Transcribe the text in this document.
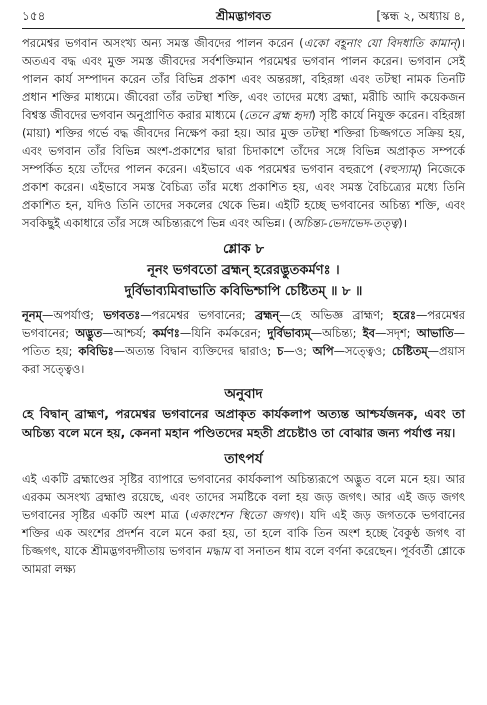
১৫৪	শ্রীমদ্ভাগবত	[স্কন্ধ ২, অধ্যায় ৪,

পরমেশ্বর ভগবান অসংখ্য অন্য সমস্ত জীবদের পালন করেন (একো বহূনাং যো বিদধাতি কামান্)। অতএব বদ্ধ এবং মুক্ত সমস্ত জীবদের সর্বশক্তিমান পরমেশ্বর ভগবান পালন করেন। ভগবান সেই পালন কার্য সম্পাদন করেন তাঁর বিভিন্ন প্রকাশ এবং অন্তরঙ্গা, বহিরঙ্গা এবং তটস্থা নামক তিনটি প্রধান শক্তির মাধ্যমে। জীবেরা তাঁর তটস্থা শক্তি, এবং তাদের মধ্যে ব্রহ্মা, মরীচি আদি কয়েকজন বিশ্বস্ত জীবদের ভগবান অনুপ্রাণিত করার মাধ্যমে (তেনে ব্রহ্ম হৃদা) সৃষ্টি কার্যে নিযুক্ত করেন। বহিরঙ্গা (মায়া) শক্তির গর্ভে বদ্ধ জীবদের নিক্ষেপ করা হয়। আর মুক্ত তটস্থা শক্তিরা চিজ্জগতে সক্রিয় হয়, এবং ভগবান তাঁর বিভিন্ন অংশ-প্রকাশের দ্বারা চিদাকাশে তাঁদের সঙ্গে বিভিন্ন অপ্রাকৃত সম্পর্কে সম্পর্কিত হয়ে তাঁদের পালন করেন। এইভাবে এক পরমেশ্বর ভগবান বহুরূপে (বহুস্যাম্) নিজেকে প্রকাশ করেন। এইভাবে সমস্ত বৈচিত্র্য তাঁর মধ্যে প্রকাশিত হয়, এবং সমস্ত বৈচিত্র্যের মধ্যে তিনি প্রকাশিত হন, যদিও তিনি তাদের সকলের থেকে ভিন্ন। এইটি হচ্ছে ভগবানের অচিন্ত্য শক্তি, এবং সবকিছুই একাধারে তাঁর সঙ্গে অচিন্ত্যরূপে ভিন্ন এবং অভিন্ন। (অচিন্ত্য-ভেদাভেদ-তত্ত্ব)।

শ্লোক ৮
নূনং ভগবতো ব্রহ্মন্ হরেরদ্ভুতকর্মণঃ ।
দুর্বিভাব্যমিবাভাতি কবিভিশ্চাপি চেষ্টিতম্ ॥ ৮ ॥

নূনম্—অপর্যাপ্ত; ভগবতঃ—পরমেশ্বর ভগবানের; ব্রহ্মন্—হে অভিজ্ঞ ব্রাহ্মণ; হরেঃ—পরমেশ্বর ভগবানের; অদ্ভুত—আশ্চর্য; কর্মণঃ—যিনি কর্মকরেন; দুর্বিভাব্যম্—অচিন্ত্য; ইব—সদৃশ; আভাতি—পতিত হয়; কবিভিঃ—অত্যন্ত বিদ্বান ব্যক্তিদের দ্বারাও; চ—ও; অপি—সত্ত্বেও; চেষ্টিতম্—প্রয়াস করা সত্ত্বেও।

অনুবাদ

হে বিদ্বান্ ব্রাহ্মণ, পরমেশ্বর ভগবানের অপ্রাকৃত কার্যকলাপ অত্যন্ত আশ্চর্যজনক, এবং তা অচিন্ত্য বলে মনে হয়, কেননা মহান পণ্ডিতদের মহতী প্রচেষ্টাও তা বোঝার জন্য পর্যাপ্ত নয়।

তাৎপর্য

এই একটি ব্রহ্মাণ্ডের সৃষ্টির ব্যাপারে ভগবানের কার্যকলাপ অচিন্ত্যরূপে অদ্ভুত বলে মনে হয়। আর এরকম অসংখ্য ব্রহ্মাণ্ড রয়েছে, এবং তাদের সমষ্টিকে বলা হয় জড় জগৎ। আর এই জড় জগৎ ভগবানের সৃষ্টির একটি অংশ মাত্র (একাংশেন স্থিতো জগৎ)। যদি এই জড় জগতকে ভগবানের শক্তির এক অংশের প্রদর্শন বলে মনে করা হয়, তা হলে বাকি তিন অংশ হচ্ছে বৈকুণ্ঠ জগৎ বা চিজ্জগৎ, যাকে শ্রীমদ্ভগবদ্গীতায় ভগবান মদ্ধাম বা সনাতন ধাম বলে বর্ণনা করেছেন। পূর্ববর্তী শ্লোকে আমরা লক্ষ্য
